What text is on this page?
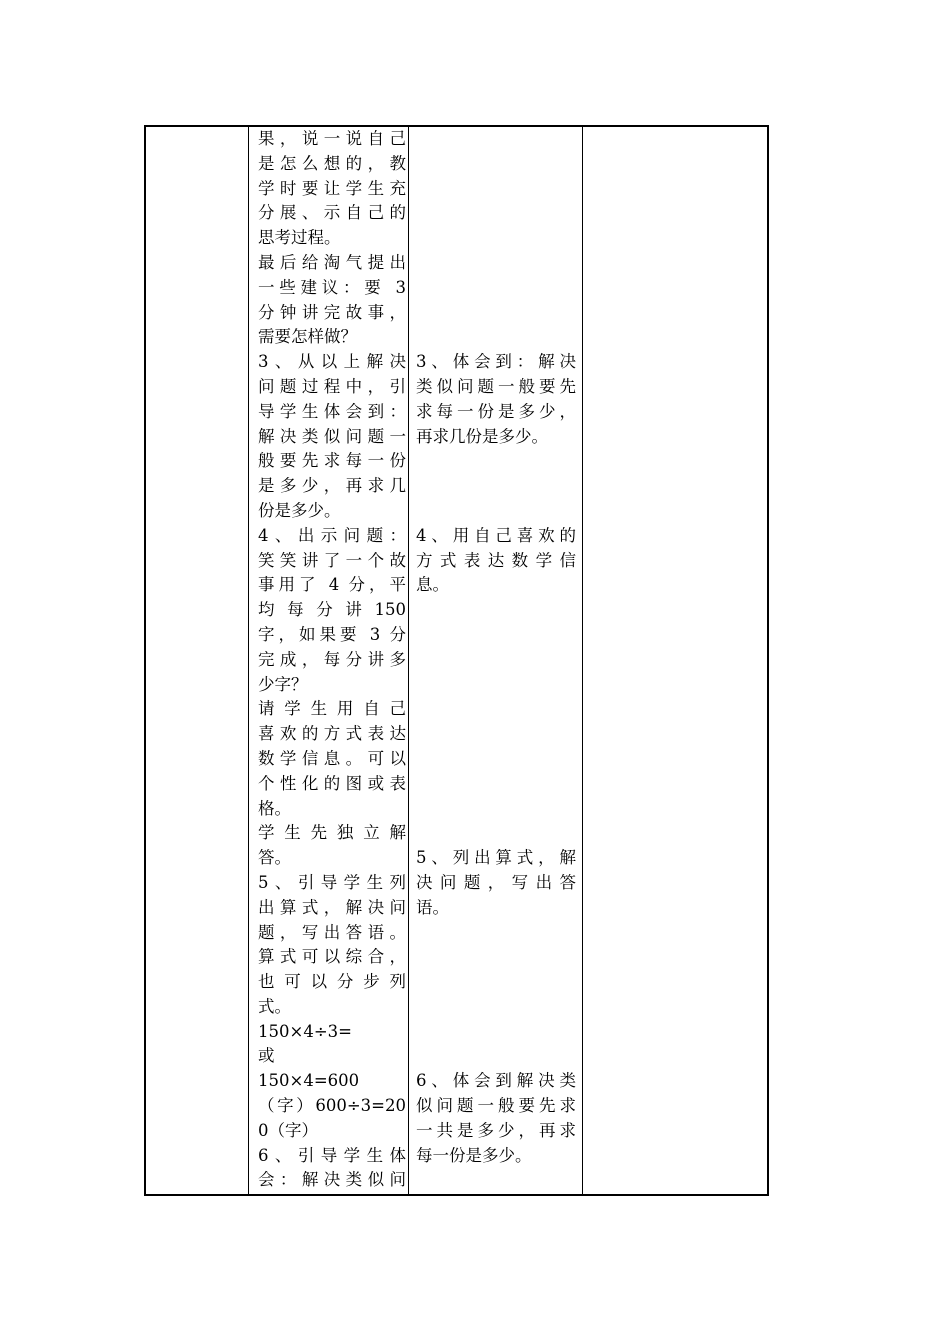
果，说一说自己
是怎么想的，教
学时要让学生充
分展、示自己的
思考过程。
最后给淘气提出
一些建议：要 3
分钟讲完故事，
需要怎样做？
3、从以上解决
问题过程中，引
导学生体会到：
解决类似问题一
般要先求每一份
是多少，再求几
份是多少。
4、出示问题：
笑笑讲了一个故
事用了 4 分，平
均 每 分 讲 150
字，如果要 3 分
完成，每分讲多
少字？
请学生用自己
喜欢的方式表达
数学信息。可以
个性化的图或表
格。
学 生 先 独 立 解
答。
5、引导学生列
出算式，解决问
题，写出答语。
算式可以综合，
也 可 以 分 步 列
式。
150×4÷3=
或
150×4=600
（字）600÷3=20
0（字）
6、引导学生体
会：解决类似问
3、体会到：解决
类似问题一般要先
求每一份是多少，
再求几份是多少。
4、用自己喜欢的
方式表达数学信
息。
5、列出算式，解
决问题，写出答
语。
6、体会到解决类
似问题一般要先求
一共是多少，再求
每一份是多少。
